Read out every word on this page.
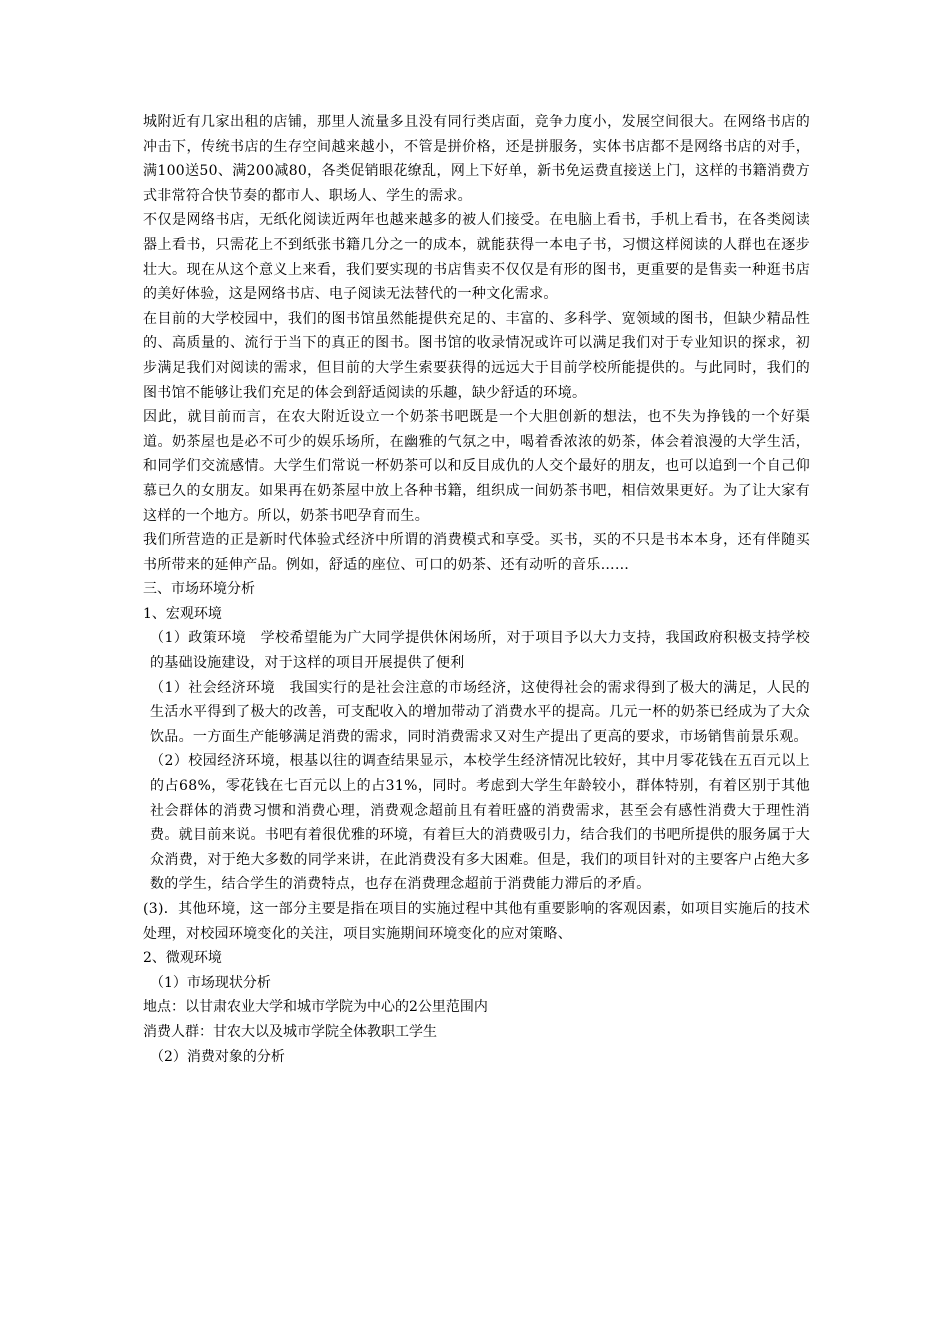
城附近有几家出租的店铺，那里人流量多且没有同行类店面，竞争力度小，发展空间很大。在网络书店的冲击下，传统书店的生存空间越来越小，不管是拼价格，还是拼服务，实体书店都不是网络书店的对手，满100送50、满200减80，各类促销眼花缭乱，网上下好单，新书免运费直接送上门，这样的书籍消费方式非常符合快节奏的都市人、职场人、学生的需求。

不仅是网络书店，无纸化阅读近两年也越来越多的被人们接受。在电脑上看书，手机上看书，在各类阅读器上看书，只需花上不到纸张书籍几分之一的成本，就能获得一本电子书，习惯这样阅读的人群也在逐步壮大。现在从这个意义上来看，我们要实现的书店售卖不仅仅是有形的图书，更重要的是售卖一种逛书店的美好体验，这是网络书店、电子阅读无法替代的一种文化需求。

在目前的大学校园中，我们的图书馆虽然能提供充足的、丰富的、多科学、宽领域的图书，但缺少精品性的、高质量的、流行于当下的真正的图书。图书馆的收录情况或许可以满足我们对于专业知识的探求，初步满足我们对阅读的需求，但目前的大学生索要获得的远远大于目前学校所能提供的。与此同时，我们的图书馆不能够让我们充足的体会到舒适阅读的乐趣，缺少舒适的环境。

因此，就目前而言，在农大附近设立一个奶茶书吧既是一个大胆创新的想法，也不失为挣钱的一个好渠道。奶茶屋也是必不可少的娱乐场所，在幽雅的气氛之中，喝着香浓浓的奶茶，体会着浪漫的大学生活，和同学们交流感情。大学生们常说一杯奶茶可以和反目成仇的人交个最好的朋友，也可以追到一个自己仰慕已久的女朋友。如果再在奶茶屋中放上各种书籍，组织成一间奶茶书吧，相信效果更好。为了让大家有这样的一个地方。所以，奶茶书吧孕育而生。

我们所营造的正是新时代体验式经济中所谓的消费模式和享受。买书，买的不只是书本本身，还有伴随买书所带来的延伸产品。例如，舒适的座位、可口的奶茶、还有动听的音乐……

三、市场环境分析

1、宏观环境

（1）政策环境　学校希望能为广大同学提供休闲场所，对于项目予以大力支持，我国政府积极支持学校的基础设施建设，对于这样的项目开展提供了便利

（1）社会经济环境　我国实行的是社会注意的市场经济，这使得社会的需求得到了极大的满足，人民的生活水平得到了极大的改善，可支配收入的增加带动了消费水平的提高。几元一杯的奶茶已经成为了大众饮品。一方面生产能够满足消费的需求，同时消费需求又对生产提出了更高的要求，市场销售前景乐观。

（2）校园经济环境，根基以往的调查结果显示，本校学生经济情况比较好，其中月零花钱在五百元以上的占68%，零花钱在七百元以上的占31%，同时。考虑到大学生年龄较小，群体特别，有着区别于其他社会群体的消费习惯和消费心理，消费观念超前且有着旺盛的消费需求，甚至会有感性消费大于理性消费。就目前来说。书吧有着很优雅的环境，有着巨大的消费吸引力，结合我们的书吧所提供的服务属于大众消费，对于绝大多数的同学来讲，在此消费没有多大困难。但是，我们的项目针对的主要客户占绝大多数的学生，结合学生的消费特点，也存在消费理念超前于消费能力滞后的矛盾。

(3)．其他环境，这一部分主要是指在项目的实施过程中其他有重要影响的客观因素，如项目实施后的技术处理，对校园环境变化的关注，项目实施期间环境变化的应对策略、

2、微观环境

（1）市场现状分析

地点：以甘肃农业大学和城市学院为中心的2公里范围内

消费人群：甘农大以及城市学院全体教职工学生

（2）消费对象的分析
